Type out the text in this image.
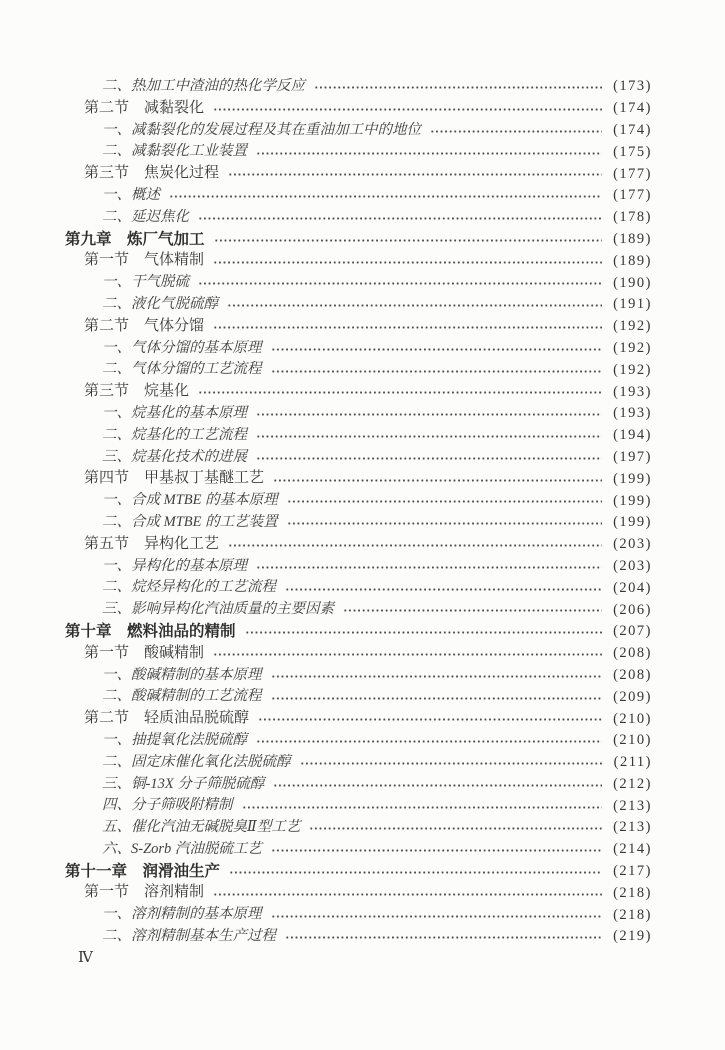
二、热加工中渣油的热化学反应	(173)
第二节　减黏裂化	(174)
一、减黏裂化的发展过程及其在重油加工中的地位	(174)
二、减黏裂化工业装置	(175)
第三节　焦炭化过程	(177)
一、概述	(177)
二、延迟焦化	(178)
第九章　炼厂气加工	(189)
第一节　气体精制	(189)
一、干气脱硫	(190)
二、液化气脱硫醇	(191)
第二节　气体分馏	(192)
一、气体分馏的基本原理	(192)
二、气体分馏的工艺流程	(192)
第三节　烷基化	(193)
一、烷基化的基本原理	(193)
二、烷基化的工艺流程	(194)
三、烷基化技术的进展	(197)
第四节　甲基叔丁基醚工艺	(199)
一、合成 MTBE 的基本原理	(199)
二、合成 MTBE 的工艺装置	(199)
第五节　异构化工艺	(203)
一、异构化的基本原理	(203)
二、烷烃异构化的工艺流程	(204)
三、影响异构化汽油质量的主要因素	(206)
第十章　燃料油品的精制	(207)
第一节　酸碱精制	(208)
一、酸碱精制的基本原理	(208)
二、酸碱精制的工艺流程	(209)
第二节　轻质油品脱硫醇	(210)
一、抽提氧化法脱硫醇	(210)
二、固定床催化氧化法脱硫醇	(211)
三、铜-13X 分子筛脱硫醇	(212)
四、分子筛吸附精制	(213)
五、催化汽油无碱脱臭Ⅱ型工艺	(213)
六、S-Zorb 汽油脱硫工艺	(214)
第十一章　润滑油生产	(217)
第一节　溶剂精制	(218)
一、溶剂精制的基本原理	(218)
二、溶剂精制基本生产过程	(219)
Ⅳ
